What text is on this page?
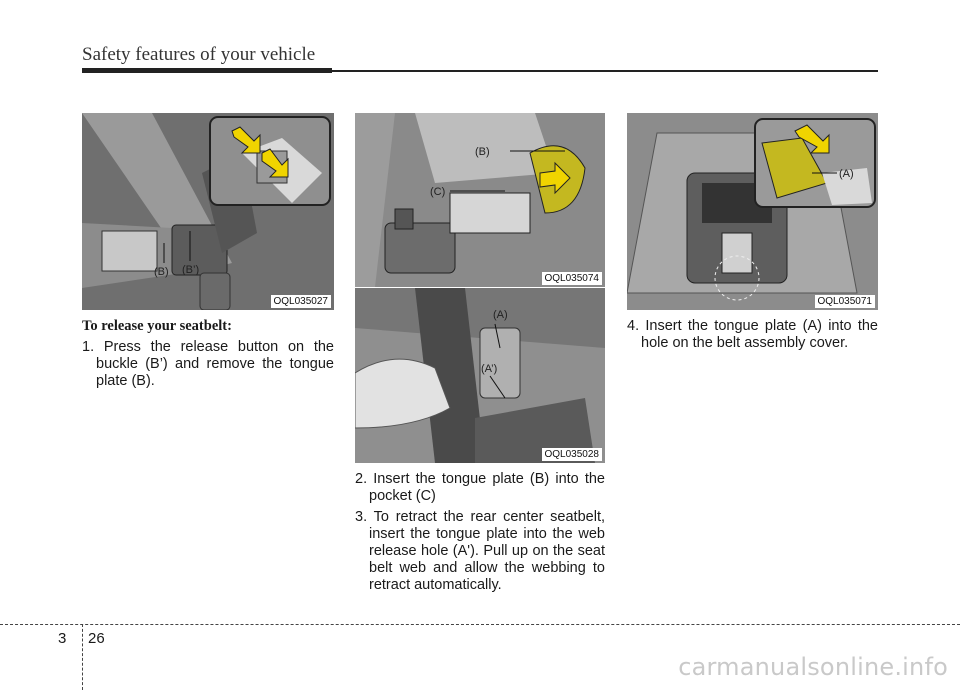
Safety features of your vehicle
(B) (B’)
OQL035027
(B)
(C)
OQL035074
(A)
(A’)
OQL035028
(A)
OQL035071
To release your seatbelt:

1. Press the release button on the buckle (B’) and remove the tongue plate (B).

2. Insert the tongue plate (B) into the pocket (C)

3. To retract the rear center seatbelt, insert the tongue plate into the web release hole (A'). Pull up on the seat belt web and allow the webbing to retract automatically.

4. Insert the tongue plate (A) into the hole on the belt assembly cover.

3 26
carmanualsonline.info
